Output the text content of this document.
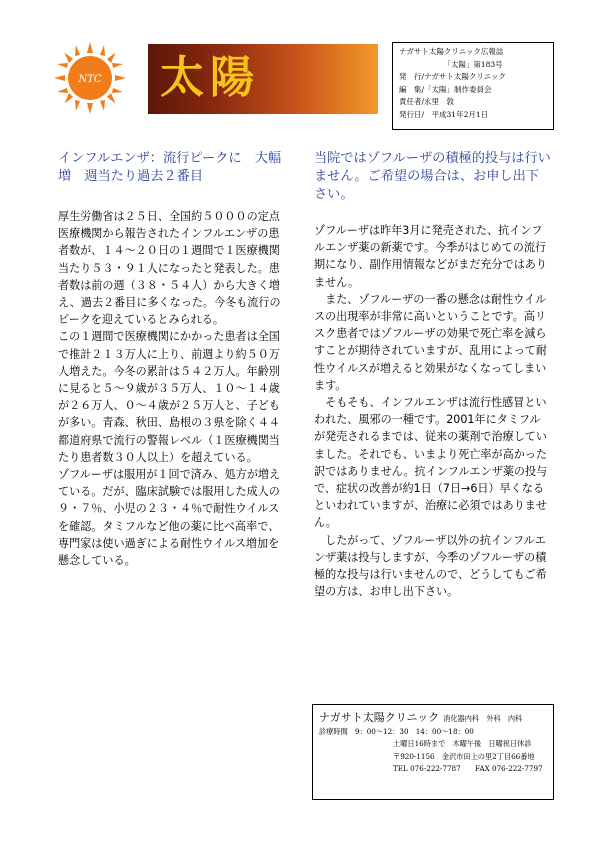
NTC 太陽
ナガサト太陽クリニック広報誌
「太陽」第183号
発　行/ナガサト太陽クリニック
編　集/「太陽」制作委員会
責任者/永里　敦
発行日/　平成31年2月1日
インフルエンザ：流行ピークに　大幅増　週当たり過去２番目

厚生労働省は２５日、全国約５０００の定点医療機関から報告されたインフルエンザの患者数が、１４～２０日の１週間で１医療機関当たり５３・９１人になったと発表した。患者数は前の週（３８・５４人）から大きく増え、過去２番目に多くなった。今冬も流行のピークを迎えているとみられる。

この１週間で医療機関にかかった患者は全国で推計２１３万人に上り、前週より約５０万人増えた。今冬の累計は５４２万人。年齢別に見ると５～９歳が３５万人、１０～１４歳が２６万人、０～４歳が２５万人と、子どもが多い。青森、秋田、島根の３県を除く４４都道府県で流行の警報レベル（１医療機関当たり患者数３０人以上）を超えている。

ゾフルーザは服用が１回で済み、処方が増えている。だが、臨床試験では服用した成人の９・７％、小児の２３・４％で耐性ウイルスを確認。タミフルなど他の薬に比べ高率で、専門家は使い過ぎによる耐性ウイルス増加を懸念している。

当院ではゾフルーザの積極的投与は行いません。ご希望の場合は、お申し出下さい。

ゾフルーザは昨年3月に発売された、抗インフルエンザ薬の新薬です。今季がはじめての流行期になり、副作用情報などがまだ充分ではありません。

また、ゾフルーザの一番の懸念は耐性ウイルスの出現率が非常に高いということです。高リスク患者ではゾフルーザの効果で死亡率を減らすことが期待されていますが、乱用によって耐性ウイルスが増えると効果がなくなってしまいます。

そもそも、インフルエンザは流行性感冒といわれた、風邪の一種です。2001年にタミフルが発売されるまでは、従来の薬剤で治療していました。それでも、いまより死亡率が高かった訳ではありません。抗インフルエンザ薬の投与で、症状の改善が約1日（7日→6日）早くなるといわれていますが、治療に必須ではありません。

したがって、ゾフルーザ以外の抗インフルエンザ薬は投与しますが、今季のゾフルーザの積極的な投与は行いませんので、どうしてもご希望の方は、お申し出下さい。

ナガサト太陽クリニック 消化器内科　外科　内科
診療時間　9：00～12：30　14：00～18：00
土曜日16時まで　木曜午後　日曜祝日休診
〒920-1156　金沢市田上の里2丁目66番地
TEL 076-222-7787　　FAX 076-222-7797
